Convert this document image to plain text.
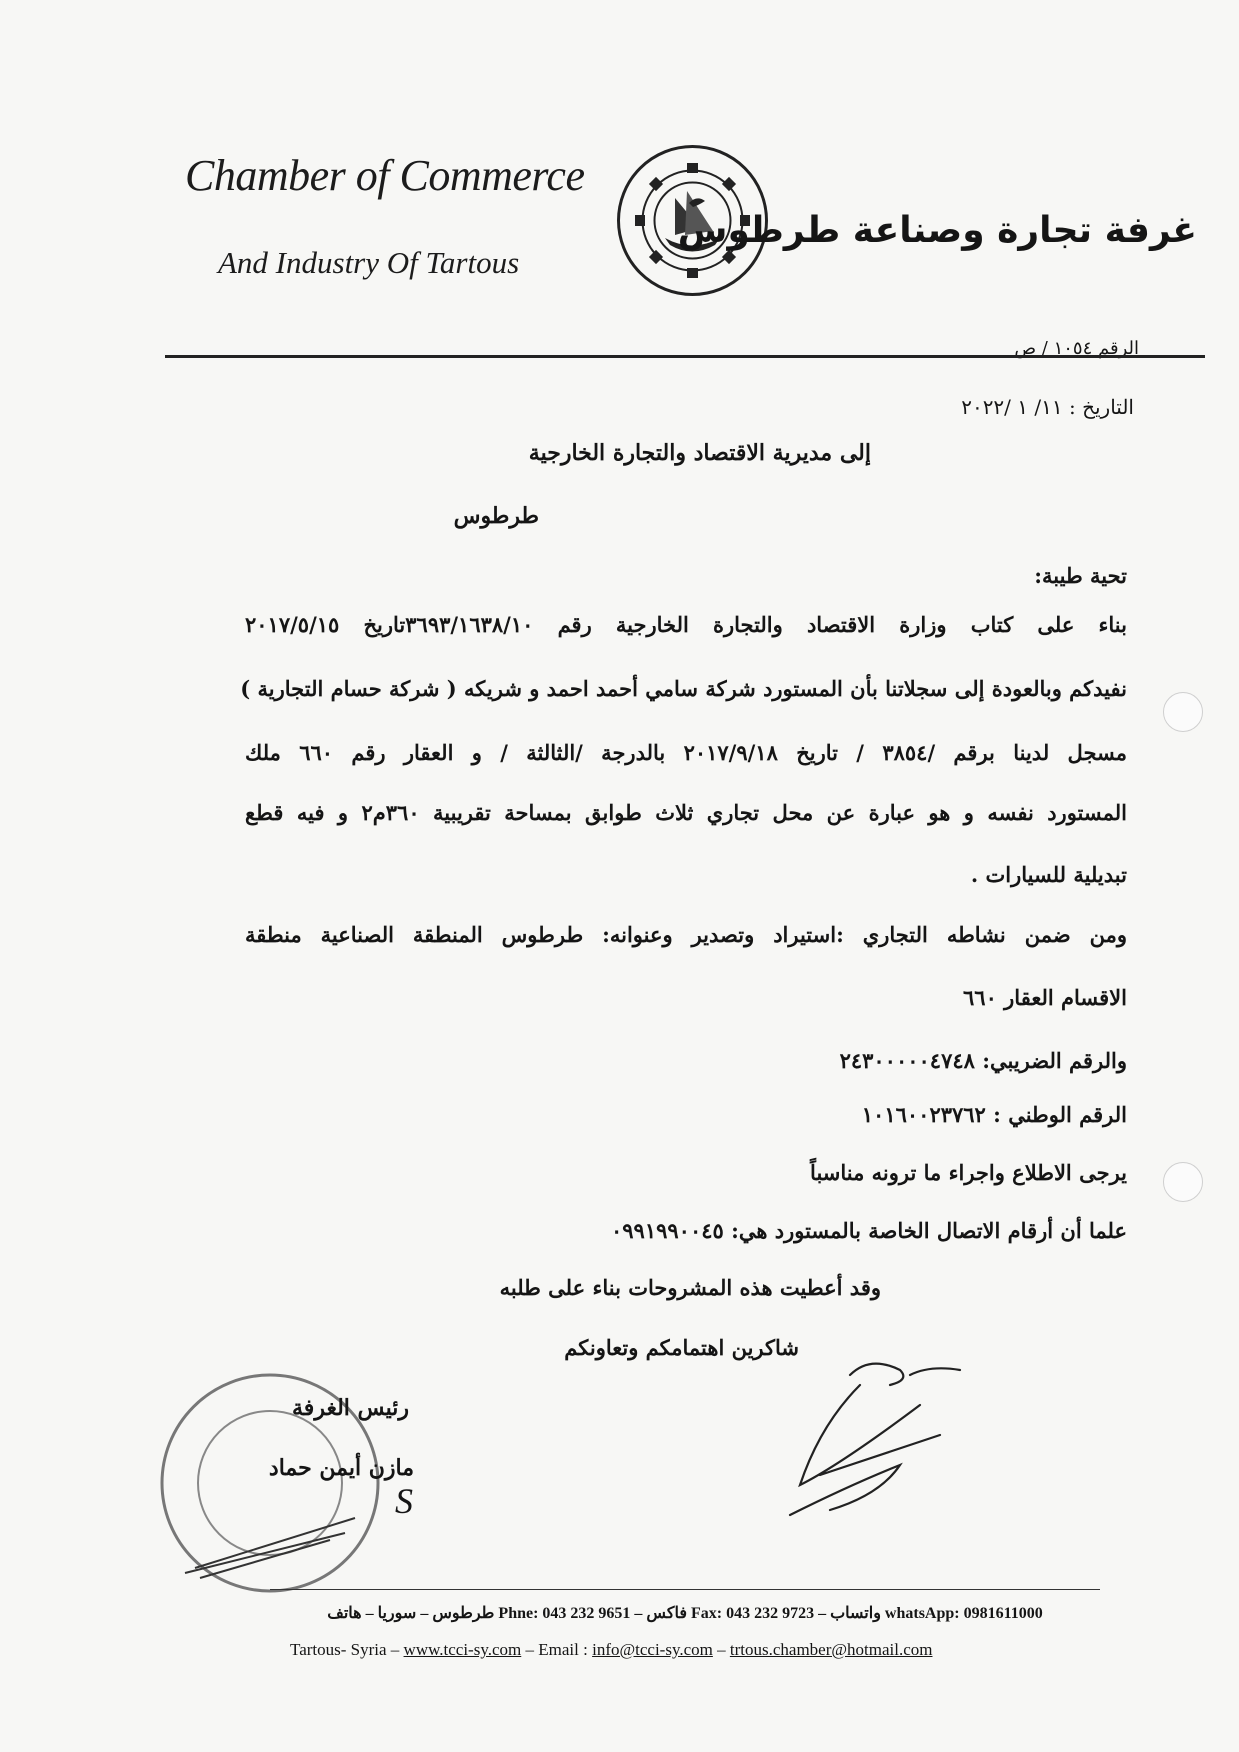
Chamber of Commerce
And Industry Of Tartous
غرفة تجارة وصناعة طرطوس
الرقم ١٠٥٤ / ص
التاريخ : ١١/ ١ /٢٠٢٢
إلى مديرية الاقتصاد والتجارة الخارجية
طرطوس
تحية طيبة:
بناء على كتاب وزارة الاقتصاد والتجارة الخارجية رقم ٣٦٩٣/١٦٣٨/١٠تاريخ ٢٠١٧/٥/١٥
نفيدكم وبالعودة إلى سجلاتنا بأن المستورد شركة سامي أحمد احمد و شريكه ( شركة حسام التجارية )
مسجل لدينا برقم /٣٨٥٤ / تاريخ ٢٠١٧/٩/١٨ بالدرجة /الثالثة / و العقار رقم ٦٦٠ ملك
المستورد نفسه و هو عبارة عن محل تجاري ثلاث طوابق بمساحة تقريبية ٣٦٠م٢ و فيه قطع
تبديلية للسيارات .
ومن ضمن نشاطه التجاري :استيراد وتصدير وعنوانه: طرطوس المنطقة الصناعية منطقة
الاقسام العقار ٦٦٠
والرقم الضريبي: ٢٤٣٠٠٠٠٠٤٧٤٨
الرقم الوطني : ١٠١٦٠٠٢٣٧٦٢
يرجى الاطلاع واجراء ما ترونه مناسباً
علما أن أرقام الاتصال الخاصة بالمستورد هي: ٠٩٩١٩٩٠٠٤٥
وقد أعطيت هذه المشروحات بناء على طلبه
شاكرين اهتمامكم وتعاونكم
رئيس الغرفة
مازن أيمن حماد
S
طرطوس – سوريا – هاتف Phne: 043 232 9651 – فاكس Fax: 043 232 9723 – واتساب whatsApp: 0981611000
Tartous- Syria – www.tcci-sy.com – Email : info@tcci-sy.com – trtous.chamber@hotmail.com
